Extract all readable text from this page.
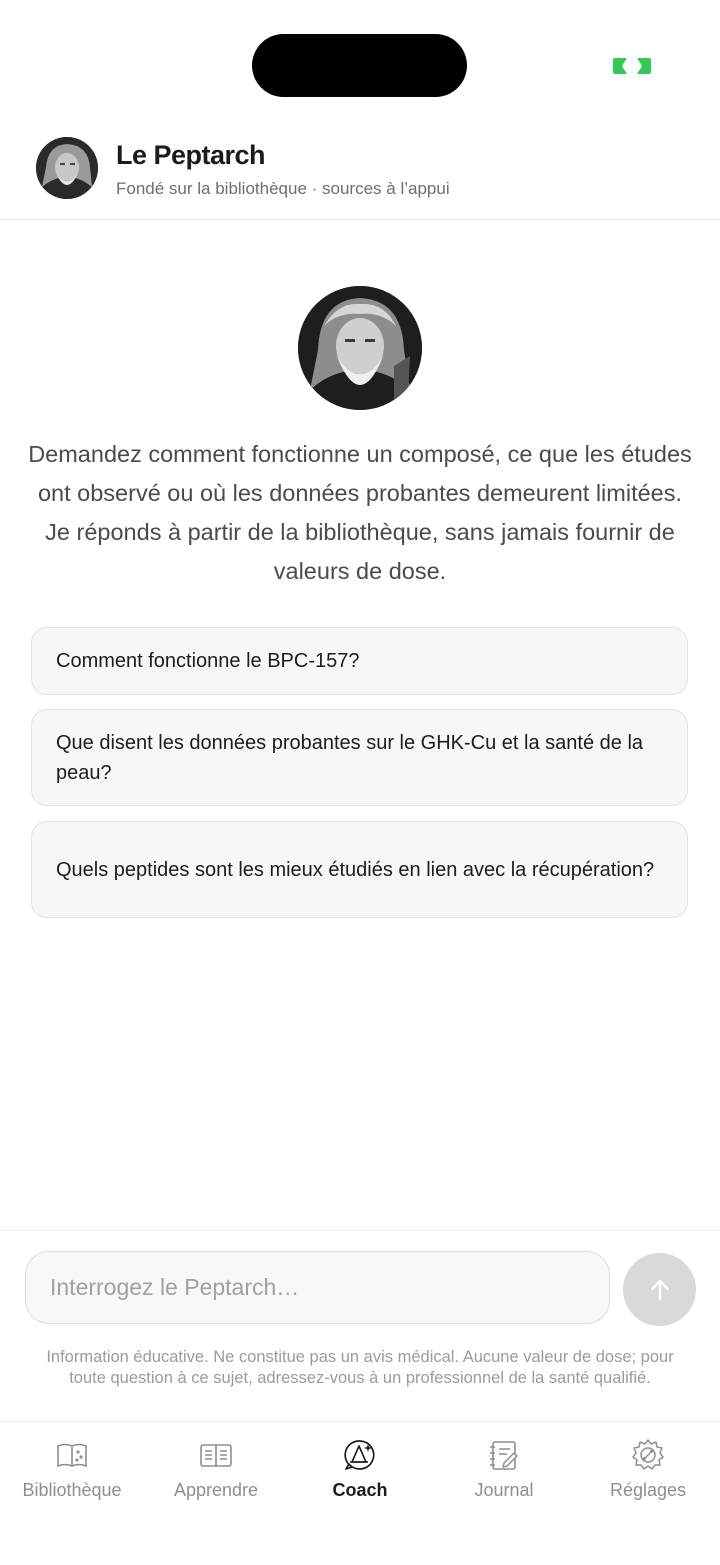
Le Peptarch
Fondé sur la bibliothèque · sources à l’appui
Demandez comment fonctionne un composé, ce que les études ont observé ou où les données probantes demeurent limitées. Je réponds à partir de la bibliothèque, sans jamais fournir de valeurs de dose.
Comment fonctionne le BPC-157?
Que disent les données probantes sur le GHK-Cu et la santé de la peau?
Quels peptides sont les mieux étudiés en lien avec la récupération?
Interrogez le Peptarch…
Information éducative. Ne constitue pas un avis médical. Aucune valeur de dose; pour toute question à ce sujet, adressez-vous à un professionnel de la santé qualifié.
Bibliothèque	Apprendre	Coach	Journal	Réglages
